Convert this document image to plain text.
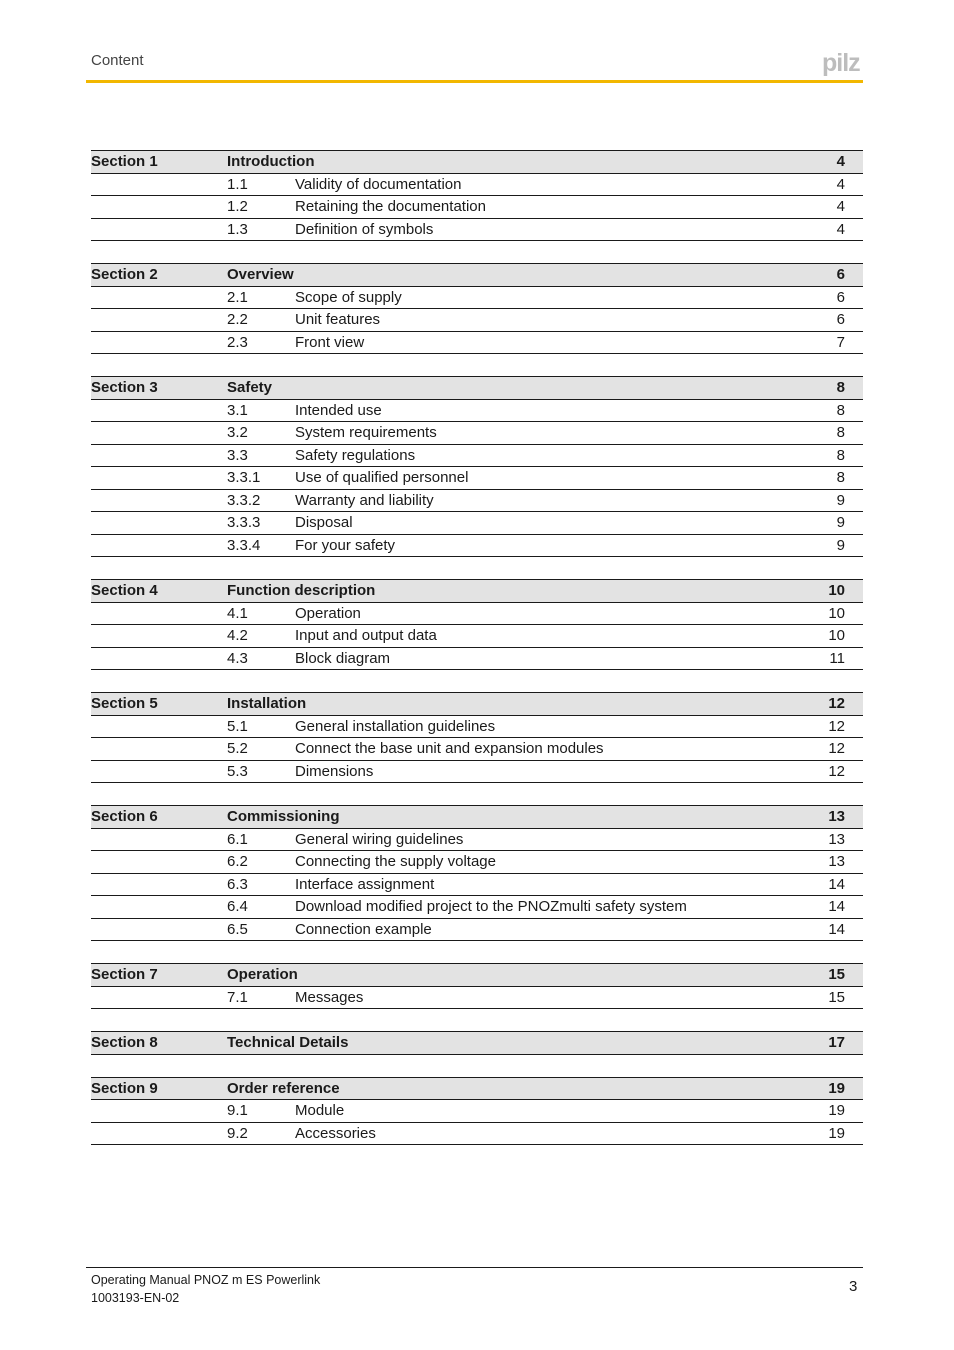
Content	pilz
Section 1	Introduction	4
1.1	Validity of documentation	4
1.2	Retaining the documentation	4
1.3	Definition of symbols	4
Section 2	Overview	6
2.1	Scope of supply	6
2.2	Unit features	6
2.3	Front view	7
Section 3	Safety	8
3.1	Intended use	8
3.2	System requirements	8
3.3	Safety regulations	8
3.3.1 Use of qualified personnel	8
3.3.2 Warranty and liability	9
3.3.3 Disposal	9
3.3.4 For your safety	9
Section 4	Function description	10
4.1	Operation	10
4.2	Input and output data	10
4.3	Block diagram	11
Section 5	Installation	12
5.1	General installation guidelines	12
5.2	Connect the base unit and expansion modules	12
5.3	Dimensions	12
Section 6	Commissioning	13
6.1	General wiring guidelines	13
6.2	Connecting the supply voltage	13
6.3	Interface assignment	14
6.4	Download modified project to the PNOZmulti safety system	14
6.5	Connection example	14
Section 7	Operation	15
7.1	Messages	15
Section 8	Technical Details	17
Section 9	Order reference	19
9.1	Module	19
9.2	Accessories	19
Operating Manual PNOZ m ES Powerlink
1003193-EN-02
3
